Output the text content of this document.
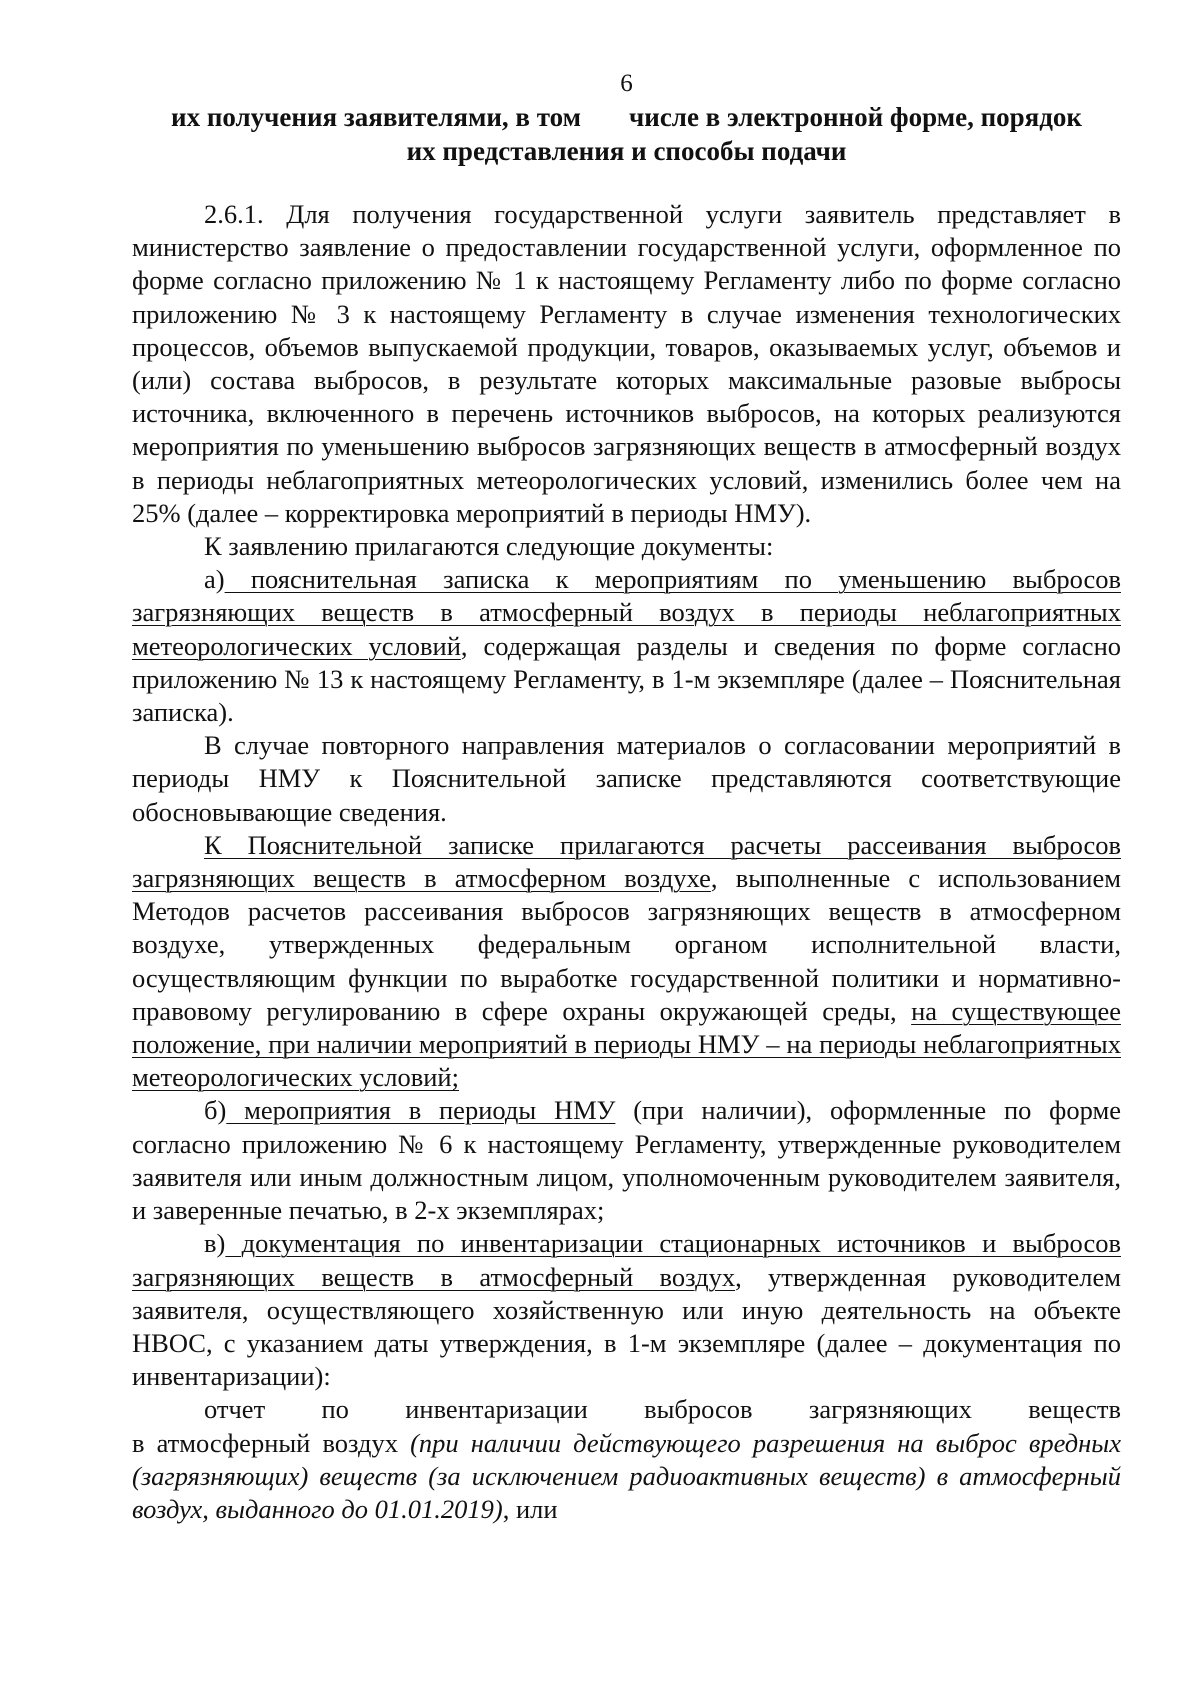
6
их получения заявителями, в том числе в электронной форме, порядок
их представления и способы подачи

2.6.1. Для получения государственной услуги заявитель представляет в министерство заявление о предоставлении государственной услуги, оформленное по форме согласно приложению № 1 к настоящему Регламенту либо по форме согласно приложению № 3 к настоящему Регламенту в случае изменения технологических процессов, объемов выпускаемой продукции, товаров, оказываемых услуг, объемов и (или) состава выбросов, в результате которых максимальные разовые выбросы источника, включенного в перечень источников выбросов, на которых реализуются мероприятия по уменьшению выбросов загрязняющих веществ в атмосферный воздух в периоды неблагоприятных метеорологических условий, изменились более чем на 25% (далее – корректировка мероприятий в периоды НМУ).

К заявлению прилагаются следующие документы:

а) пояснительная записка к мероприятиям по уменьшению выбросов загрязняющих веществ в атмосферный воздух в периоды неблагоприятных метеорологических условий, содержащая разделы и сведения по форме согласно приложению № 13 к настоящему Регламенту, в 1-м экземпляре (далее – Пояснительная записка).

В случае повторного направления материалов о согласовании мероприятий в периоды НМУ к Пояснительной записке представляются соответствующие обосновывающие сведения.

К Пояснительной записке прилагаются расчеты рассеивания выбросов загрязняющих веществ в атмосферном воздухе, выполненные с использованием Методов расчетов рассеивания выбросов загрязняющих веществ в атмосферном воздухе, утвержденных федеральным органом исполнительной власти, осуществляющим функции по выработке государственной политики и нормативно-правовому регулированию в сфере охраны окружающей среды, на существующее положение, при наличии мероприятий в периоды НМУ – на периоды неблагоприятных метеорологических условий;

б) мероприятия в периоды НМУ (при наличии), оформленные по форме согласно приложению № 6 к настоящему Регламенту, утвержденные руководителем заявителя или иным должностным лицом, уполномоченным руководителем заявителя, и заверенные печатью, в 2-х экземплярах;

в) документация по инвентаризации стационарных источников и выбросов загрязняющих веществ в атмосферный воздух, утвержденная руководителем заявителя, осуществляющего хозяйственную или иную деятельность на объекте НВОС, с указанием даты утверждения, в 1-м экземпляре (далее – документация по инвентаризации):

отчет по инвентаризации выбросов загрязняющих веществ

в атмосферный воздух (при наличии действующего разрешения на выброс вредных (загрязняющих) веществ (за исключением радиоактивных веществ) в атмосферный воздух, выданного до 01.01.2019), или
